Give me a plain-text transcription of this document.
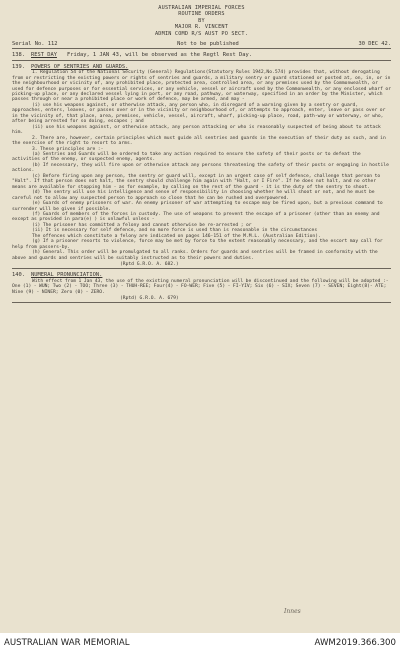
AUSTRALIAN IMPERIAL FORCES
ROUTINE ORDERS
BY
MAJOR R. VINCENT
ADMIN COMD R/S AUST PO SECT.
Serial No. 112	Not to be published	30 DEC 42.
138. REST DAY Friday, 1 JAN 43, will be observed as the Regtl Rest Day.
139. POWERS OF SENTRIES AND GUARDS.

1. Regulation 54 of the National Security (General) Regulations(Statutory Rules 1942,No.574) provides that, without derogating from or restricting the existing powers or rights of sentries and guards, a military sentry or guard stationed or posted at, on, in, or in the neighbourhood or vicinity of, any prohibited place, protected area, controlled area, or any premises used by the Commonwealth, or used for defence purposes or for essential services, or any vehicle, vessel or aircraft used by the Commonwealth, or any enclosed wharf or picking-up place, or any declared vessel lying in port, or any road, pathway, or waterway, specified in an order by the Minister, which passes through or near a prohibited place or work of defence, may be armed, and may -

(i) use his weapons against, or otherwise attack, any person who, in disregard of a warning given by a sentry or guard, approaches, enters, leaves, or passes over or in the vicinity or neighbourhood of, or attempts to approach, enter, leave or pass over or in the vicinity of, that place, area, premises, vehicle, vessel, aircraft, wharf, picking-up place, road, path-way or waterway, or who, after being arrested for so doing, escapes ; and

(ii) use his weapons against, or otherwise attack, any person attacking or who is reasonably suspected of being about to attack him.

2. There are, however, certain principles which must guide all sentries and guards in the execution of their duty as such, and in the exercise of the right to resort to arms.

3. These principles are :-

(a) Sentries and Guards will be ordered to take any action required to ensure the safety of their posts or to defeat the activities of the enemy, or suspected enemy, agents.

(b) If necessary, they will fire upon or otherwise attack any persons threatening the safety of their posts or engaging in hostile actions.

(c) Before firing upon any person, the sentry or guard will, except in an urgent case of self defence, challenge that person to "Halt". If that person does not halt, the sentry should challenge him again with "Halt, or I Fire". If he does not halt, and no other means are available for stopping him - as for example, by calling on the rest of the guard - it is the duty of the sentry to shoot.

(d) The sentry will use his intelligence and sense of responsibility in choosing whether he will shoot or not, and he must be careful not to allow any suspected person to approach so close that he can be rushed and overpowered.

(e) Guards of enemy prisoners of war. An enemy prisoner of war attempting to escape may be fired upon, but a previous command to surrender will be given if possible.

(f) Guards of members of the forces in custody. The use of weapons to prevent the escape of a prisoner (other than an enemy and except as provided in para(e) ) is unlawful unless -

(i) The prisoner has committed a felony and cannot otherwise be re-arrested ; or

(ii) It is necessary for self defence, and no more force is used than is reasonable in the circumstances

The offences which constitute a felony are indicated on pages 146-151 of the M.M.L. (Australian Edition).

(g) If a prisoner resorts to violence, force may be met by force to the extent reasonably necessary, and the escort may call for help from passers-by.

(h) General. This order will be promulgated to all ranks. Orders for guards and sentries will be framed in conformity with the above and guards and sentries will be suitably instructed as to their powers and duties.

(Rptd G.R.O. A. 682.)
140. NUMERAL PRONUNCIATION.

With effect from 1 Jan 43, the use of the existing numeral pronunciation will be discontinued and the following will be adopted :-

One (1) - WUN; Two (2) - TOO; Three (3) - THUH-REE; Four(4) - FO-WER; Five (5) - FI-YIV; Six (6) - SIX; Seven (7) - SEVEN; Eight(8)- ATE; Nine (9) - NINER; Zero (0) - ZERO.

(Rptd) G.R.O. A. 679)
Innes
AUSTRALIAN WAR MEMORIAL	AWM2019.366.300
